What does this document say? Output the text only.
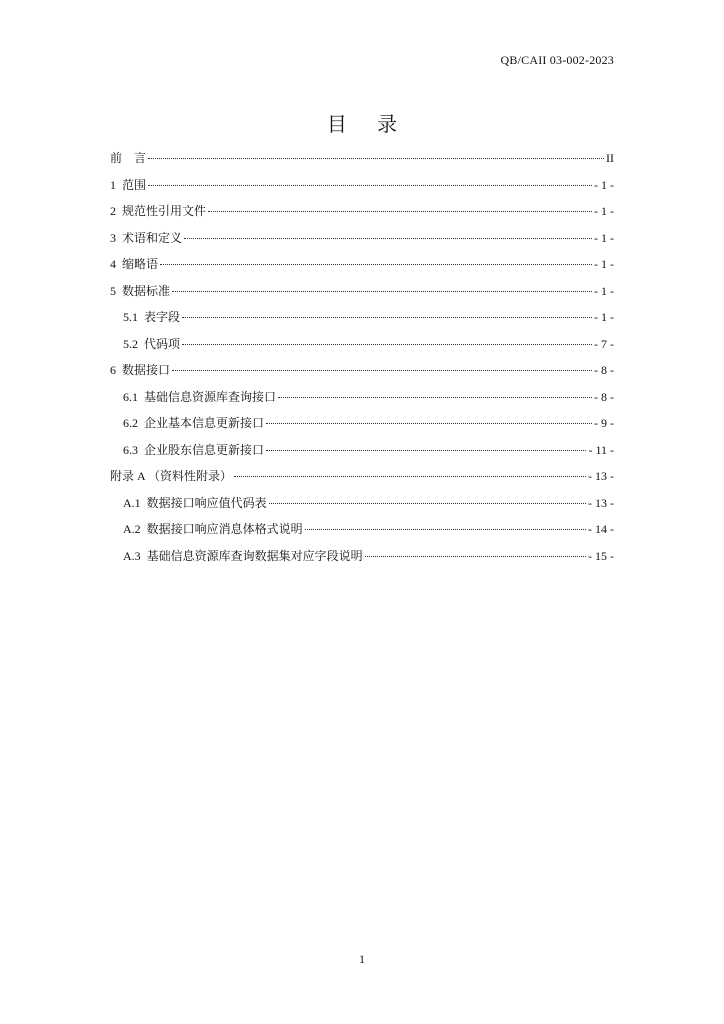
QB/CAII 03-002-2023
目 录
前　言	II
1  范围	- 1 -
2  规范性引用文件	- 1 -
3  术语和定义	- 1 -
4  缩略语	- 1 -
5  数据标准	- 1 -
5.1  表字段	- 1 -
5.2  代码项	- 7 -
6  数据接口	- 8 -
6.1  基础信息资源库查询接口	- 8 -
6.2  企业基本信息更新接口	- 9 -
6.3  企业股东信息更新接口	- 11 -
附录 A （资料性附录）	- 13 -
A.1  数据接口响应值代码表	- 13 -
A.2  数据接口响应消息体格式说明	- 14 -
A.3  基础信息资源库查询数据集对应字段说明	- 15 -
1
